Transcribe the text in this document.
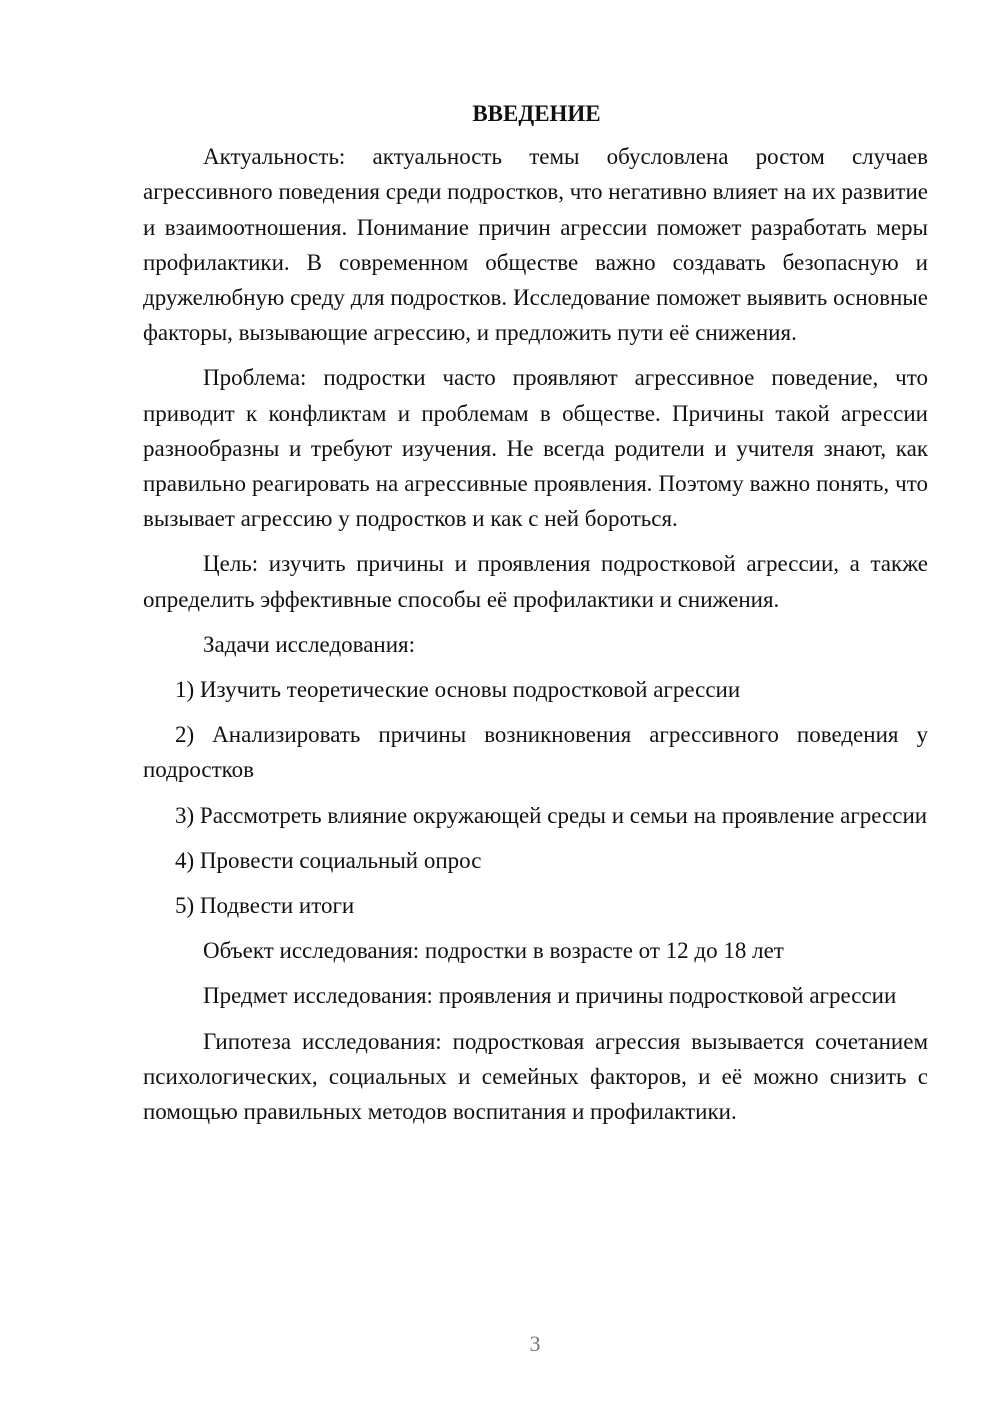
ВВЕДЕНИЕ

Актуальность: актуальность темы обусловлена ростом случаев агрессивного поведения среди подростков, что негативно влияет на их развитие и взаимоотношения. Понимание причин агрессии поможет разработать меры профилактики. В современном обществе важно создавать безопасную и дружелюбную среду для подростков. Исследование поможет выявить основные факторы, вызывающие агрессию, и предложить пути её снижения.

Проблема: подростки часто проявляют агрессивное поведение, что приводит к конфликтам и проблемам в обществе. Причины такой агрессии разнообразны и требуют изучения. Не всегда родители и учителя знают, как правильно реагировать на агрессивные проявления. Поэтому важно понять, что вызывает агрессию у подростков и как с ней бороться.

Цель: изучить причины и проявления подростковой агрессии, а также определить эффективные способы её профилактики и снижения.

Задачи исследования:

1) Изучить теоретические основы подростковой агрессии

2) Анализировать причины возникновения агрессивного поведения у подростков

3) Рассмотреть влияние окружающей среды и семьи на проявление агрессии

4) Провести социальный опрос

5) Подвести итоги

Объект исследования: подростки в возрасте от 12 до 18 лет

Предмет исследования: проявления и причины подростковой агрессии

Гипотеза исследования: подростковая агрессия вызывается сочетанием психологических, социальных и семейных факторов, и её можно снизить с помощью правильных методов воспитания и профилактики.

3
